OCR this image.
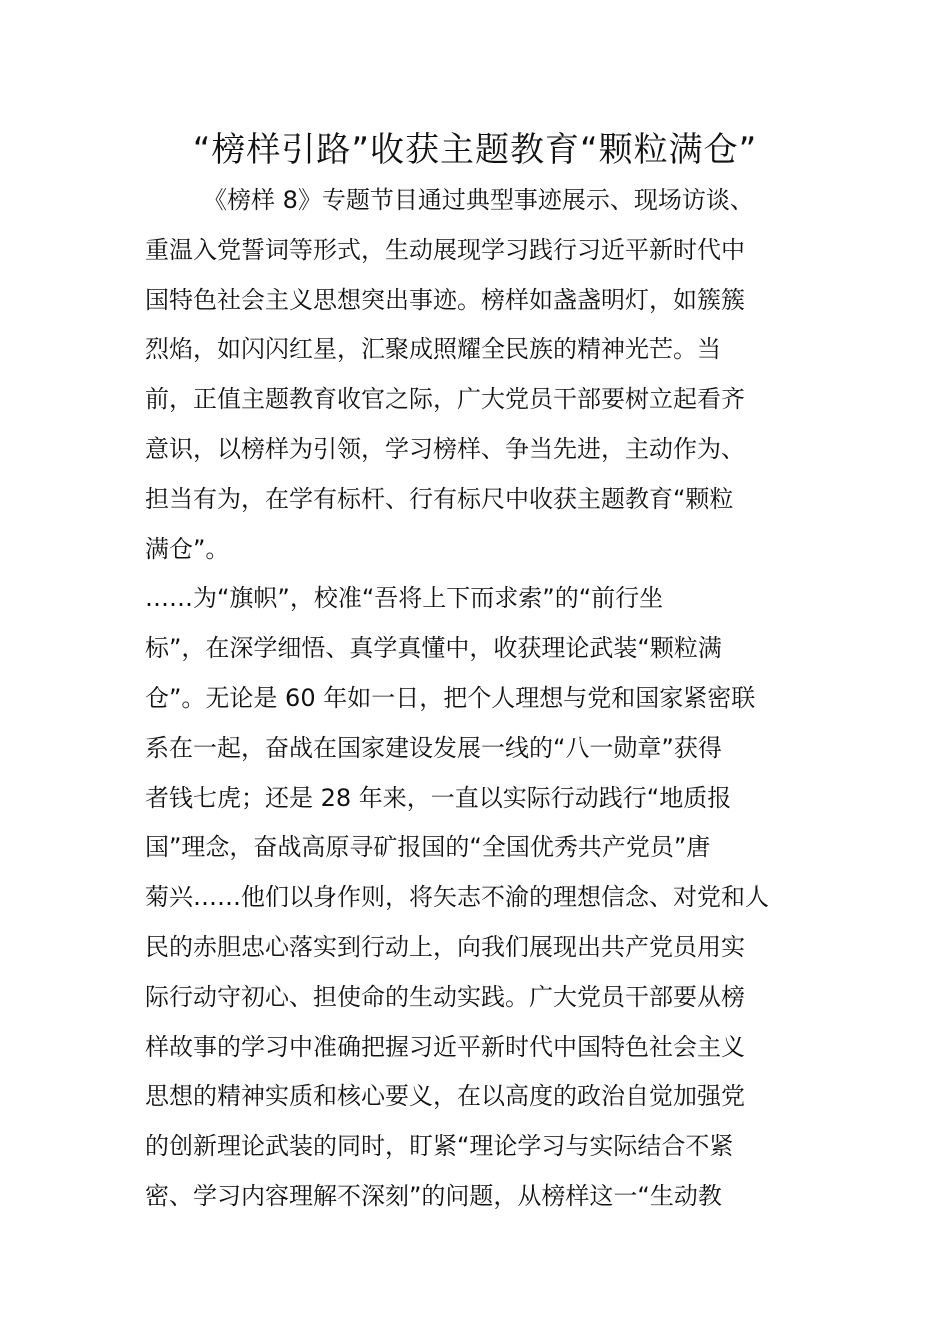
“榜样引路”收获主题教育“颗粒满仓”
《榜样 8》专题节目通过典型事迹展示、现场访谈、
重温入党誓词等形式，生动展现学习践行习近平新时代中
国特色社会主义思想突出事迹。榜样如盏盏明灯，如簇簇
烈焰，如闪闪红星，汇聚成照耀全民族的精神光芒。当
前，正值主题教育收官之际，广大党员干部要树立起看齐
意识，以榜样为引领，学习榜样、争当先进，主动作为、
担当有为，在学有标杆、行有标尺中收获主题教育“颗粒
满仓”。
……为“旗帜”，校准“吾将上下而求索”的“前行坐
标”，在深学细悟、真学真懂中，收获理论武装“颗粒满
仓”。无论是 60 年如一日，把个人理想与党和国家紧密联
系在一起，奋战在国家建设发展一线的“八一勋章”获得
者钱七虎；还是 28 年来，一直以实际行动践行“地质报
国”理念，奋战高原寻矿报国的“全国优秀共产党员”唐
菊兴……他们以身作则，将矢志不渝的理想信念、对党和人
民的赤胆忠心落实到行动上，向我们展现出共产党员用实
际行动守初心、担使命的生动实践。广大党员干部要从榜
样故事的学习中准确把握习近平新时代中国特色社会主义
思想的精神实质和核心要义，在以高度的政治自觉加强党
的创新理论武装的同时，盯紧“理论学习与实际结合不紧
密、学习内容理解不深刻”的问题，从榜样这一“生动教
